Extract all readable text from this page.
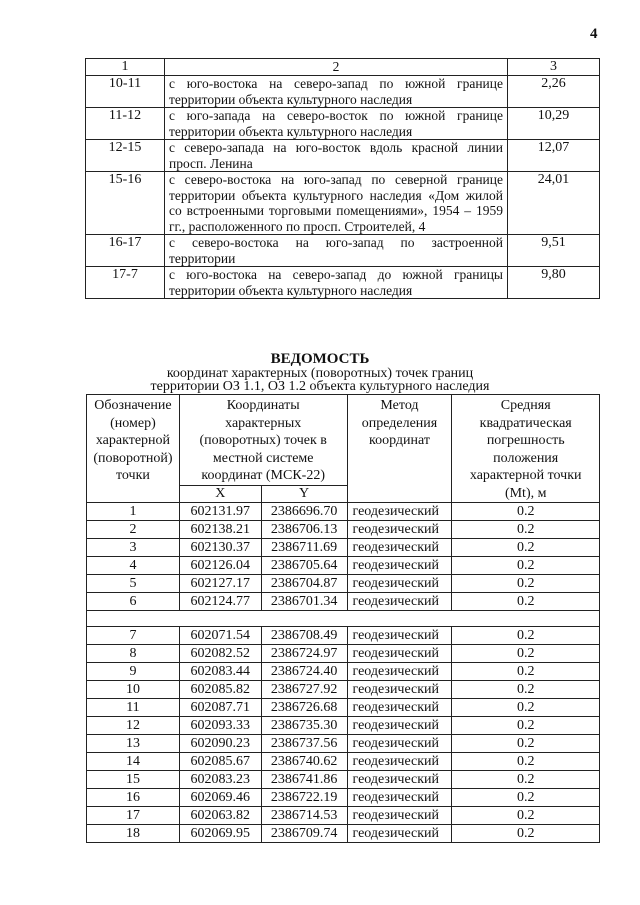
4
1	2	3
10-11	с юго-востока на северо-запад по южной границе территории объекта культурного наследия	2,26
11-12	с юго-запада на северо-восток по южной границе территории объекта культурного наследия	10,29
12-15	с северо-запада на юго-восток вдоль красной линии просп. Ленина	12,07
15-16	с северо-востока на юго-запад по северной границе территории объекта культурного наследия «Дом жилой со встроенными торговыми помещениями», 1954 – 1959 гг., расположенного по просп. Строителей, 4	24,01
16-17	с северо-востока на юго-запад по застроенной территории	9,51
17-7	с юго-востока на северо-запад до южной границы территории объекта культурного наследия	9,80
ВЕДОМОСТЬ
координат характерных (поворотных) точек границ
территории ОЗ 1.1, ОЗ 1.2 объекта культурного наследия
Обозначение (номер) характерной (поворотной) точки	Координаты характерных (поворотных) точек в местной системе координат (МСК-22)		Метод определения координат	Средняя квадратическая погрешность положения характерной точки (Mt), м
	X	Y		
1	602131.97	2386696.70	геодезический	0.2
2	602138.21	2386706.13	геодезический	0.2
3	602130.37	2386711.69	геодезический	0.2
4	602126.04	2386705.64	геодезический	0.2
5	602127.17	2386704.87	геодезический	0.2
6	602124.77	2386701.34	геодезический	0.2

7	602071.54	2386708.49	геодезический	0.2
8	602082.52	2386724.97	геодезический	0.2
9	602083.44	2386724.40	геодезический	0.2
10	602085.82	2386727.92	геодезический	0.2
11	602087.71	2386726.68	геодезический	0.2
12	602093.33	2386735.30	геодезический	0.2
13	602090.23	2386737.56	геодезический	0.2
14	602085.67	2386740.62	геодезический	0.2
15	602083.23	2386741.86	геодезический	0.2
16	602069.46	2386722.19	геодезический	0.2
17	602063.82	2386714.53	геодезический	0.2
18	602069.95	2386709.74	геодезический	0.2
